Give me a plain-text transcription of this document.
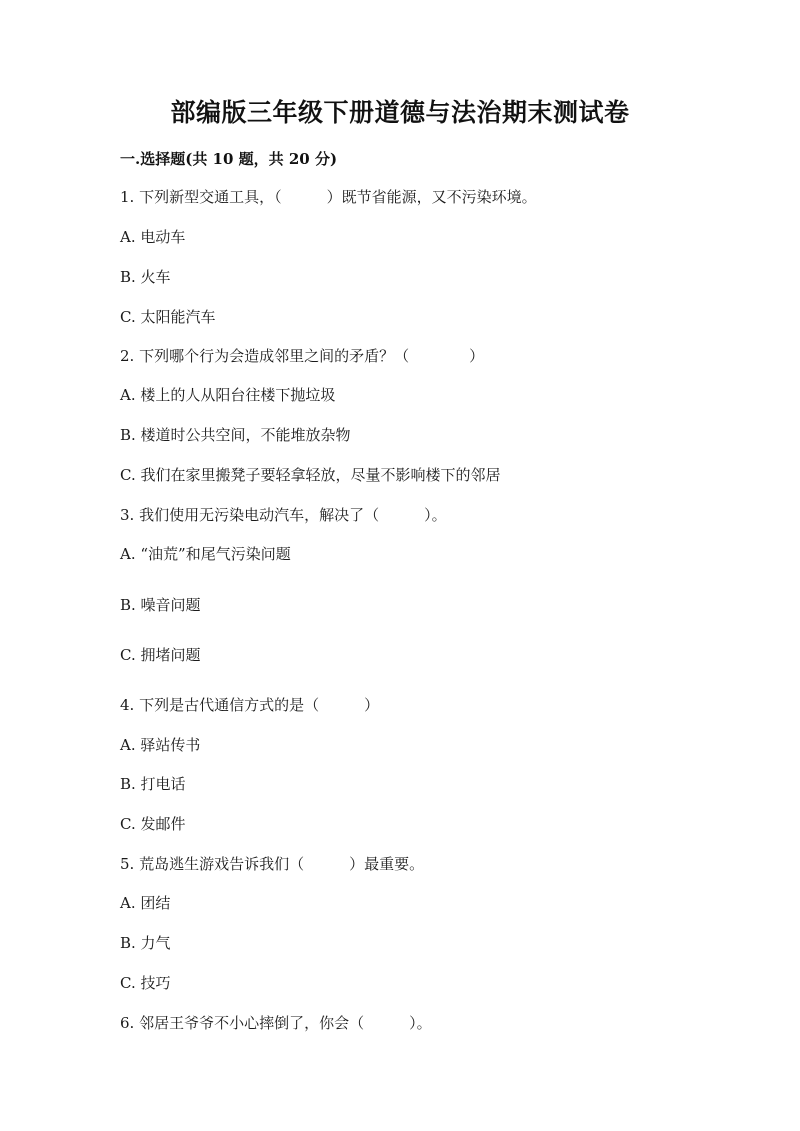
部编版三年级下册道德与法治期末测试卷
一.选择题(共 10 题，共 20 分)
1. 下列新型交通工具，（　　　）既节省能源，又不污染环境。
A. 电动车
B. 火车
C. 太阳能汽车
2. 下列哪个行为会造成邻里之间的矛盾？（　　　　）
A. 楼上的人从阳台往楼下抛垃圾
B. 楼道时公共空间，不能堆放杂物
C. 我们在家里搬凳子要轻拿轻放，尽量不影响楼下的邻居
3. 我们使用无污染电动汽车，解决了（　　　）。
A. “油荒”和尾气污染问题
B. 噪音问题
C. 拥堵问题
4. 下列是古代通信方式的是（　　　）
A. 驿站传书
B. 打电话
C. 发邮件
5. 荒岛逃生游戏告诉我们（　　　）最重要。
A. 团结
B. 力气
C. 技巧
6. 邻居王爷爷不小心摔倒了，你会（　　　）。
